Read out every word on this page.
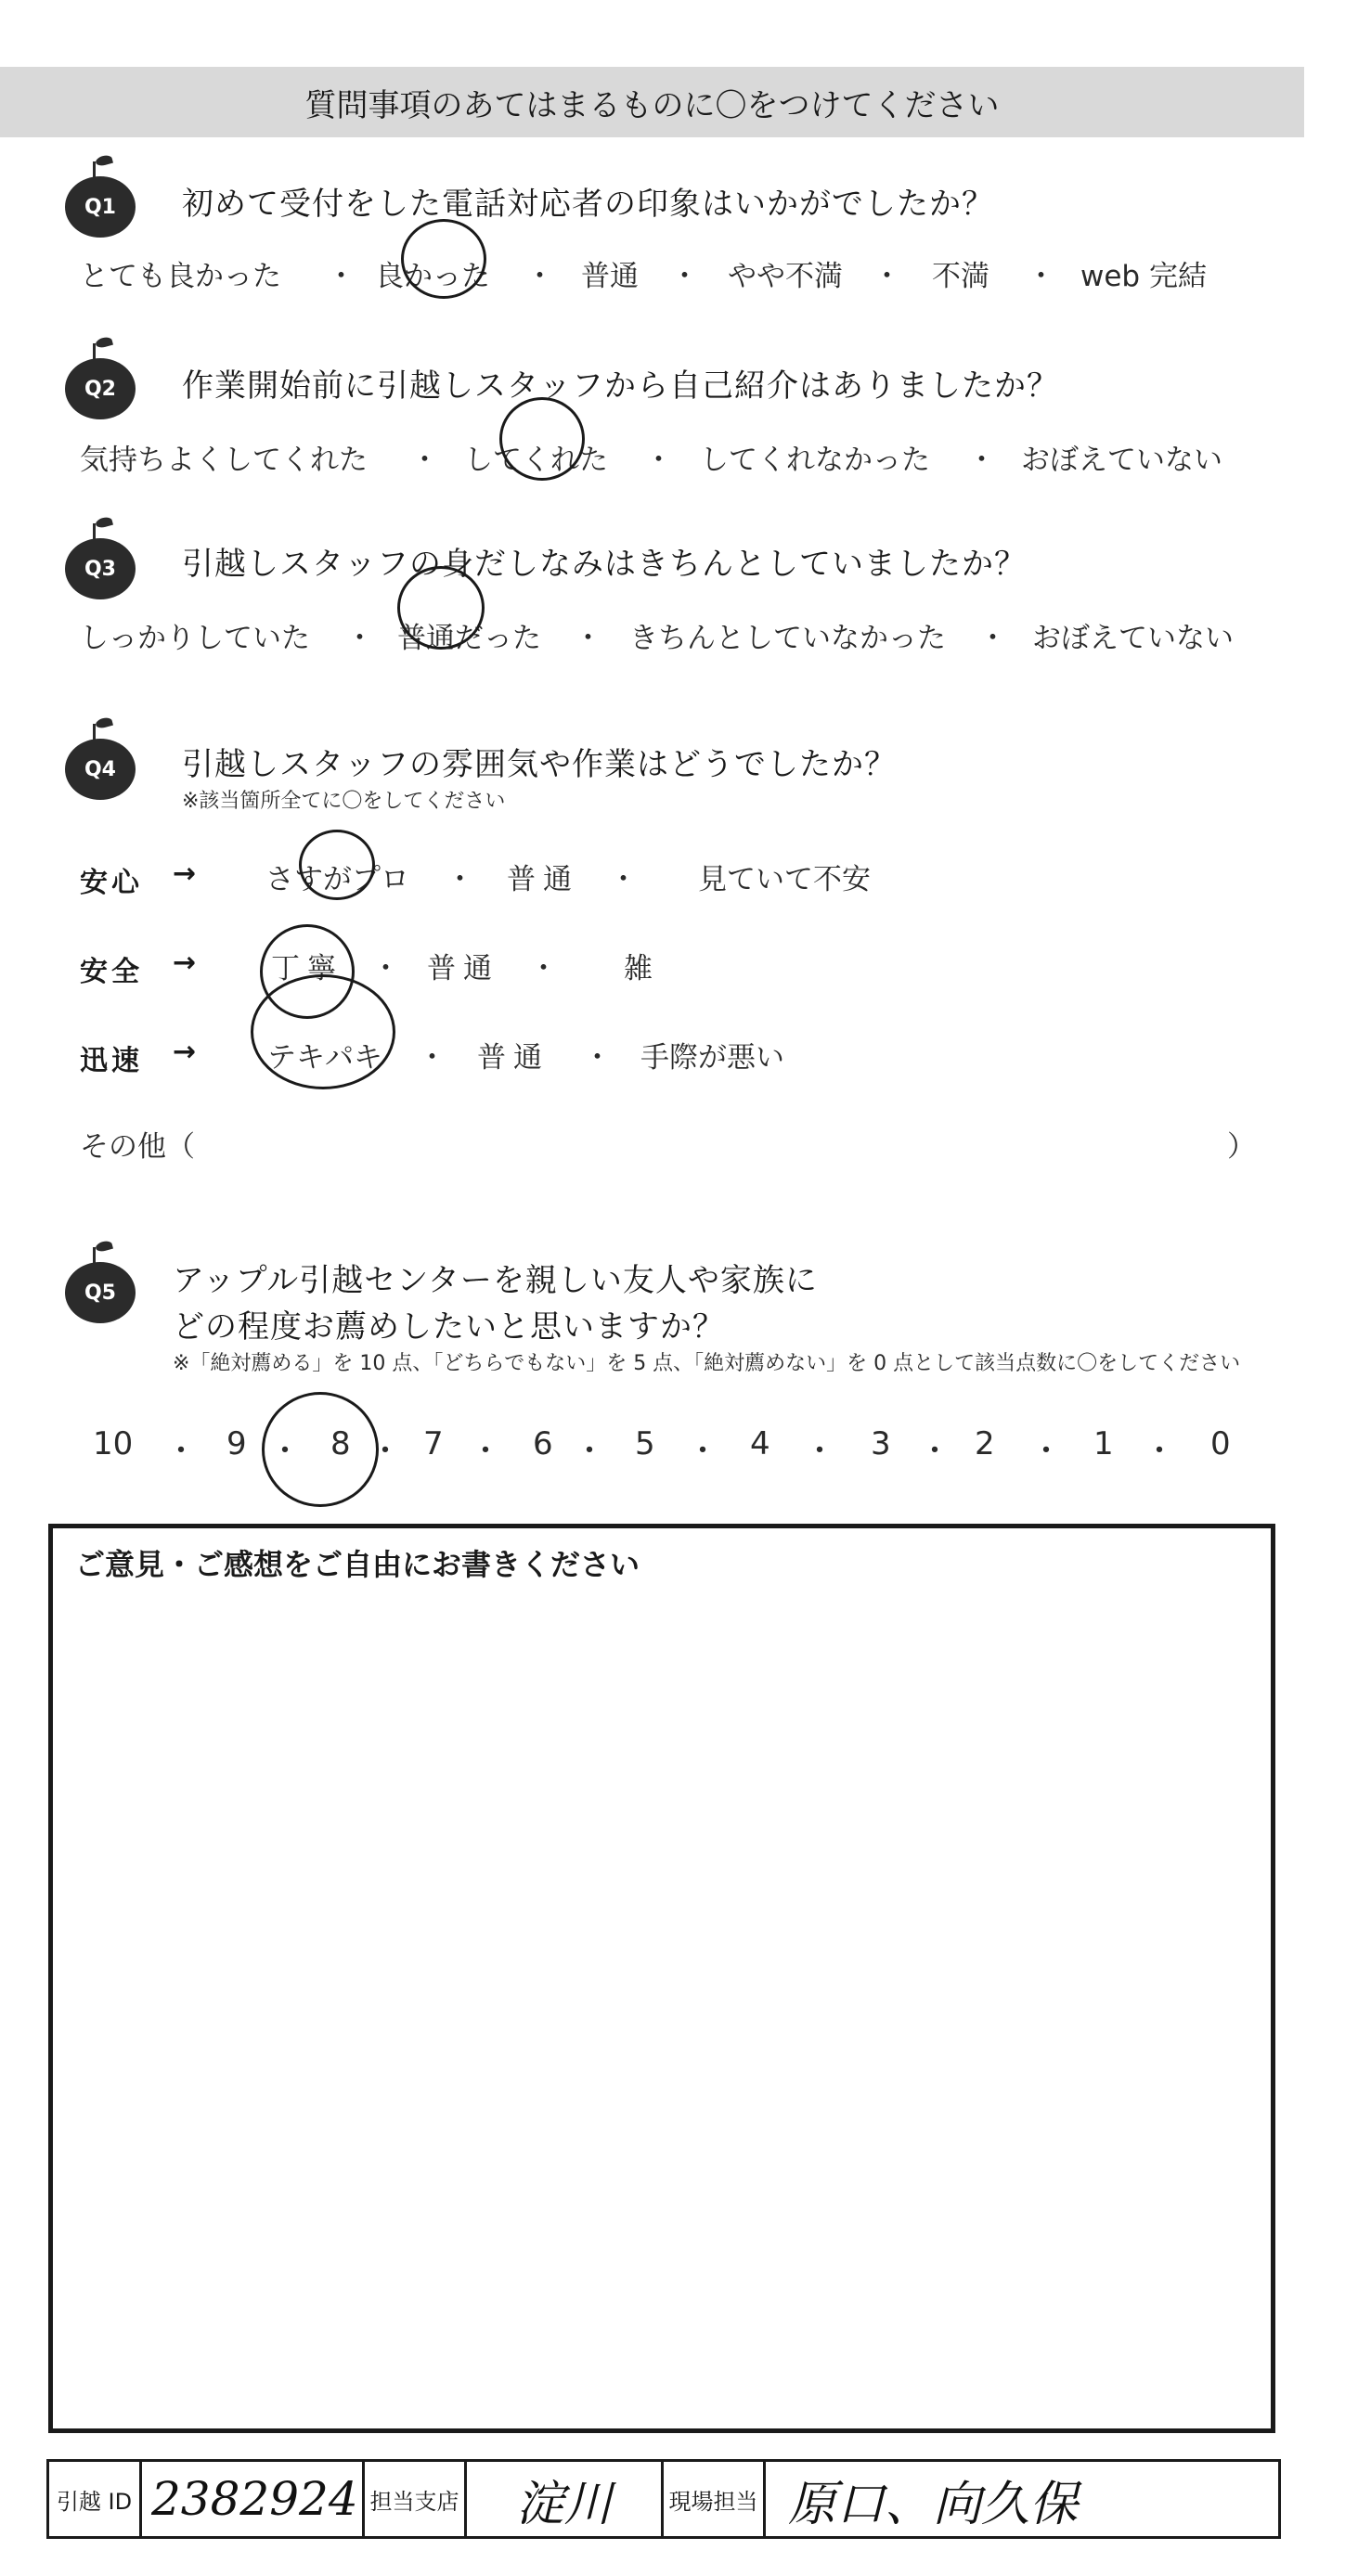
質問事項のあてはまるものに〇をつけてください
Q1 初めて受付をした電話対応者の印象はいかがでしたか？
とても良かった ・ 良かった ・ 普通 ・ やや不満 ・ 不満 ・ web 完結
Q2 作業開始前に引越しスタッフから自己紹介はありましたか？
気持ちよくしてくれた ・ してくれた ・ してくれなかった ・ おぼえていない
Q3 引越しスタッフの身だしなみはきちんとしていましたか？
しっかりしていた ・ 普通だった ・ きちんとしていなかった ・ おぼえていない
Q4 引越しスタッフの雰囲気や作業はどうでしたか？
※該当箇所全てに〇をしてください
安心 → さすがプロ ・ 普通 ・ 見ていて不安
安全 → 丁寧 ・ 普通 ・ 雑
迅速 → テキパキ ・ 普通 ・ 手際が悪い
その他（	）
Q5 アップル引越センターを親しい友人や家族に
どの程度お薦めしたいと思いますか？
※「絶対薦める」を 10 点、「どちらでもない」を 5 点、「絶対薦めない」を 0 点として該当点数に〇をしてください
10 ・ 9 ・ 8 ・ 7 ・ 6 ・ 5 ・ 4 ・ 3 ・ 2 ・ 1 ・ 0
ご意見・ご感想をご自由にお書きください
引越 ID 2382924 担当支店 淀川	現場担当 原口、向久保
